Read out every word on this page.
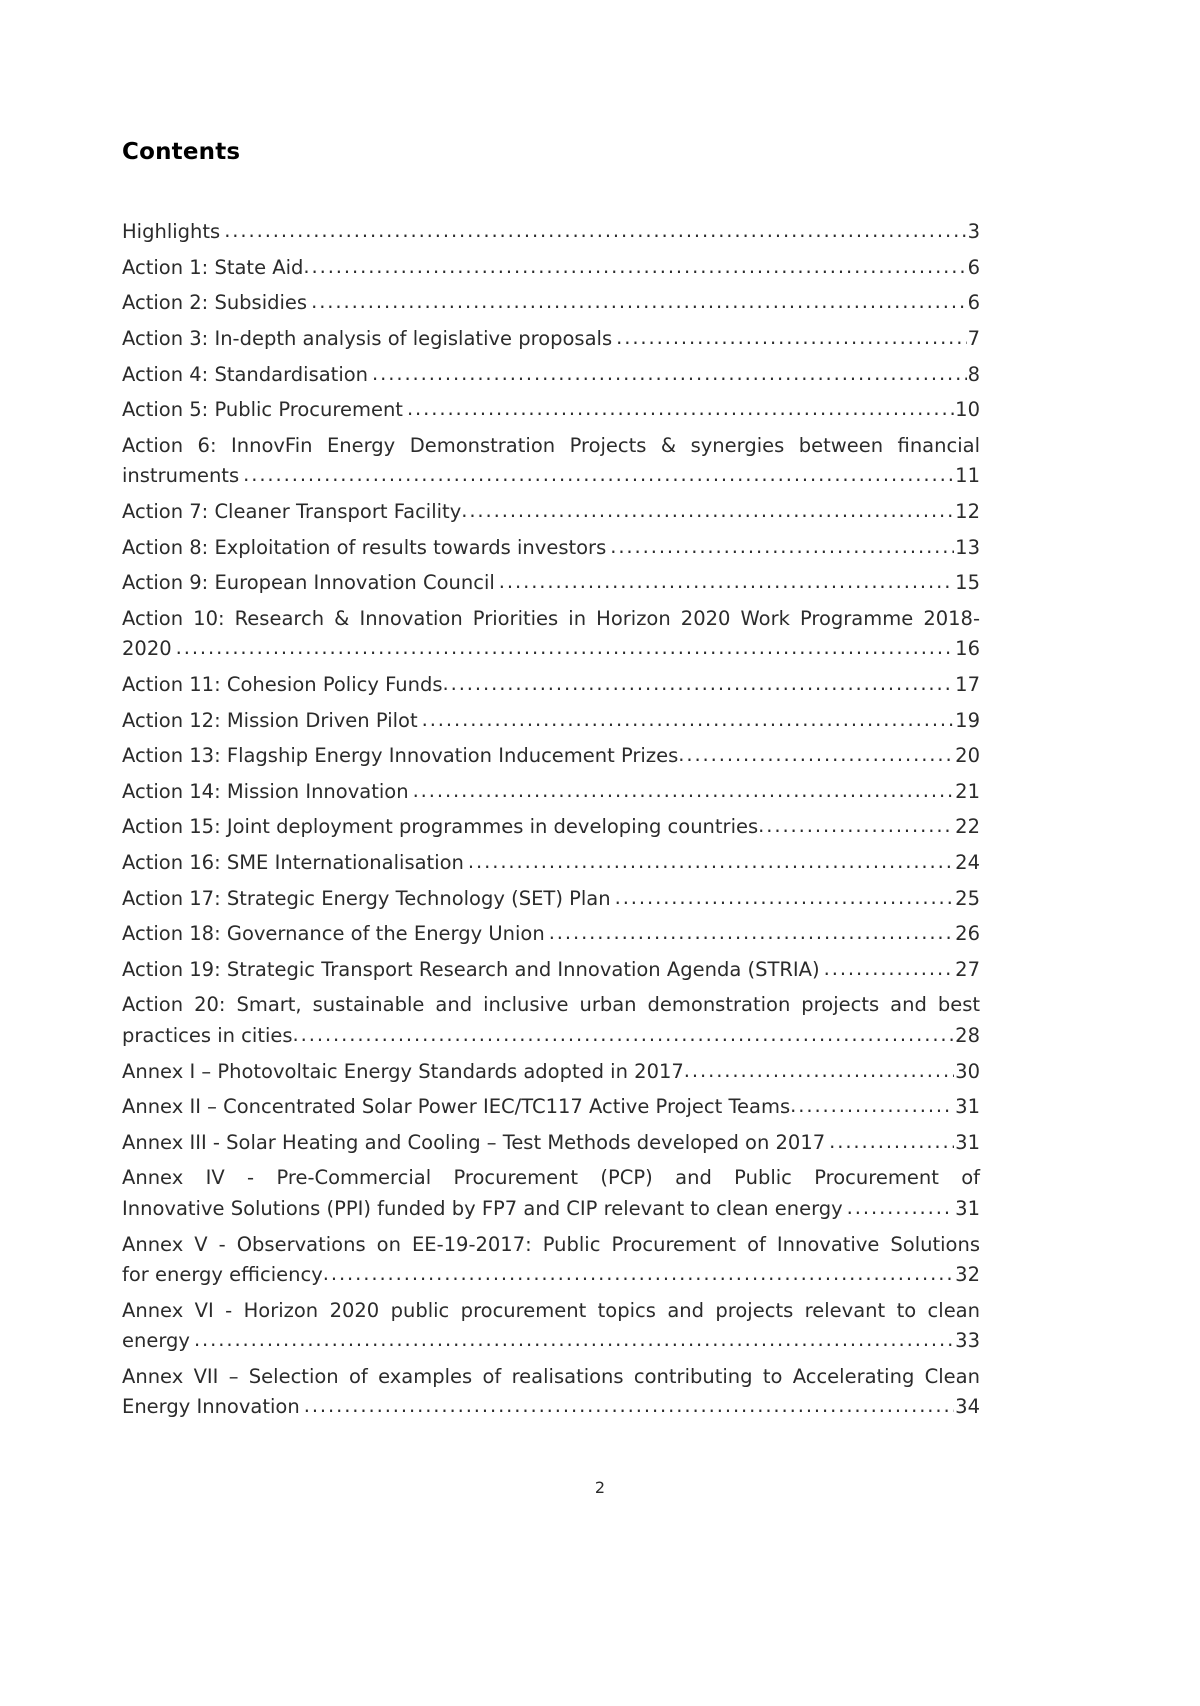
Contents
Highlights .....	3
Action 1: State Aid .....	6
Action 2: Subsidies .....	6
Action 3: In-depth analysis of legislative proposals .....	7
Action 4: Standardisation .....	8
Action 5: Public Procurement .....	10
Action 6: InnovFin Energy Demonstration Projects & synergies between financial
instruments .....	11
Action 7: Cleaner Transport Facility .....	12
Action 8: Exploitation of results towards investors .....	13
Action 9: European Innovation Council .....	15
Action 10: Research & Innovation Priorities in Horizon 2020 Work Programme 2018-
2020 .....	16
Action 11: Cohesion Policy Funds .....	17
Action 12: Mission Driven Pilot .....	19
Action 13: Flagship Energy Innovation Inducement Prizes .....	20
Action 14: Mission Innovation .....	21
Action 15: Joint deployment programmes in developing countries .....	22
Action 16: SME Internationalisation .....	24
Action 17: Strategic Energy Technology (SET) Plan .....	25
Action 18: Governance of the Energy Union .....	26
Action 19: Strategic Transport Research and Innovation Agenda (STRIA) .....	27
Action 20: Smart, sustainable and inclusive urban demonstration projects and best
practices in cities .....	28
Annex I – Photovoltaic Energy Standards adopted in 2017 .....	30
Annex II – Concentrated Solar Power IEC/TC117 Active Project Teams .....	31
Annex III - Solar Heating and Cooling – Test Methods developed on 2017 .....	31
Annex IV - Pre-Commercial Procurement (PCP) and Public Procurement of
Innovative Solutions (PPI) funded by FP7 and CIP relevant to clean energy .....	31
Annex V - Observations on EE-19-2017: Public Procurement of Innovative Solutions
for energy efficiency .....	32
Annex VI - Horizon 2020 public procurement topics and projects relevant to clean
energy .....	33
Annex VII – Selection of examples of realisations contributing to Accelerating Clean
Energy Innovation .....	34
2
